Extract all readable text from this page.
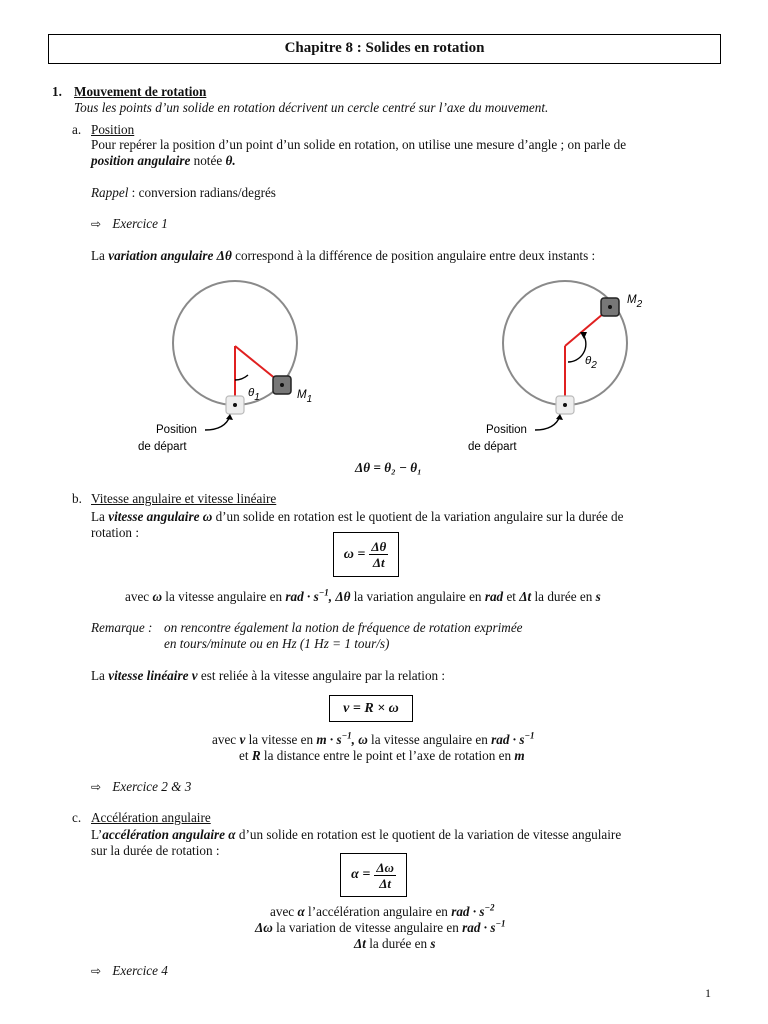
Chapitre 8 : Solides en rotation
1. Mouvement de rotation
Tous les points d’un solide en rotation décrivent un cercle centré sur l’axe du mouvement.
a. Position
Pour repérer la position d’un point d’un solide en rotation, on utilise une mesure d’angle ; on parle de
position angulaire notée θ.
Rappel : conversion radians/degrés
⇨ Exercice 1
La variation angulaire Δθ correspond à la différence de position angulaire entre deux instants :
θ1	M1
Position
de départ
θ2
M2
Position
de départ
Δθ = θ₂ − θ₁
b. Vitesse angulaire et vitesse linéaire
La vitesse angulaire ω d’un solide en rotation est le quotient de la variation angulaire sur la durée de
rotation :
$\omega = \frac{\Delta\theta}{\Delta t}$
avec ω la vitesse angulaire en rad · $s^{-1}$, Δθ la variation angulaire en rad et Δt la durée en s
Remarque : on rencontre également la notion de fréquence de rotation exprimée
en tours/minute ou en Hz (1 Hz = 1 tour/s)
La vitesse linéaire v est reliée à la vitesse angulaire par la relation :
v = R × ω
avec v la vitesse en $m \cdot s^{-1}$, ω la vitesse angulaire en rad · $s^{-1}$
et R la distance entre le point et l’axe de rotation en m
⇨ Exercice 2 & 3
c. Accélération angulaire
L’accélération angulaire α d’un solide en rotation est le quotient de la variation de vitesse angulaire
sur la durée de rotation :
$\alpha = \frac{\Delta\omega}{\Delta t}$
avec α l’accélération angulaire en rad · $s^{-2}$
Δω la variation de vitesse angulaire en rad · $s^{-1}$
Δt la durée en s
⇨ Exercice 4
1
